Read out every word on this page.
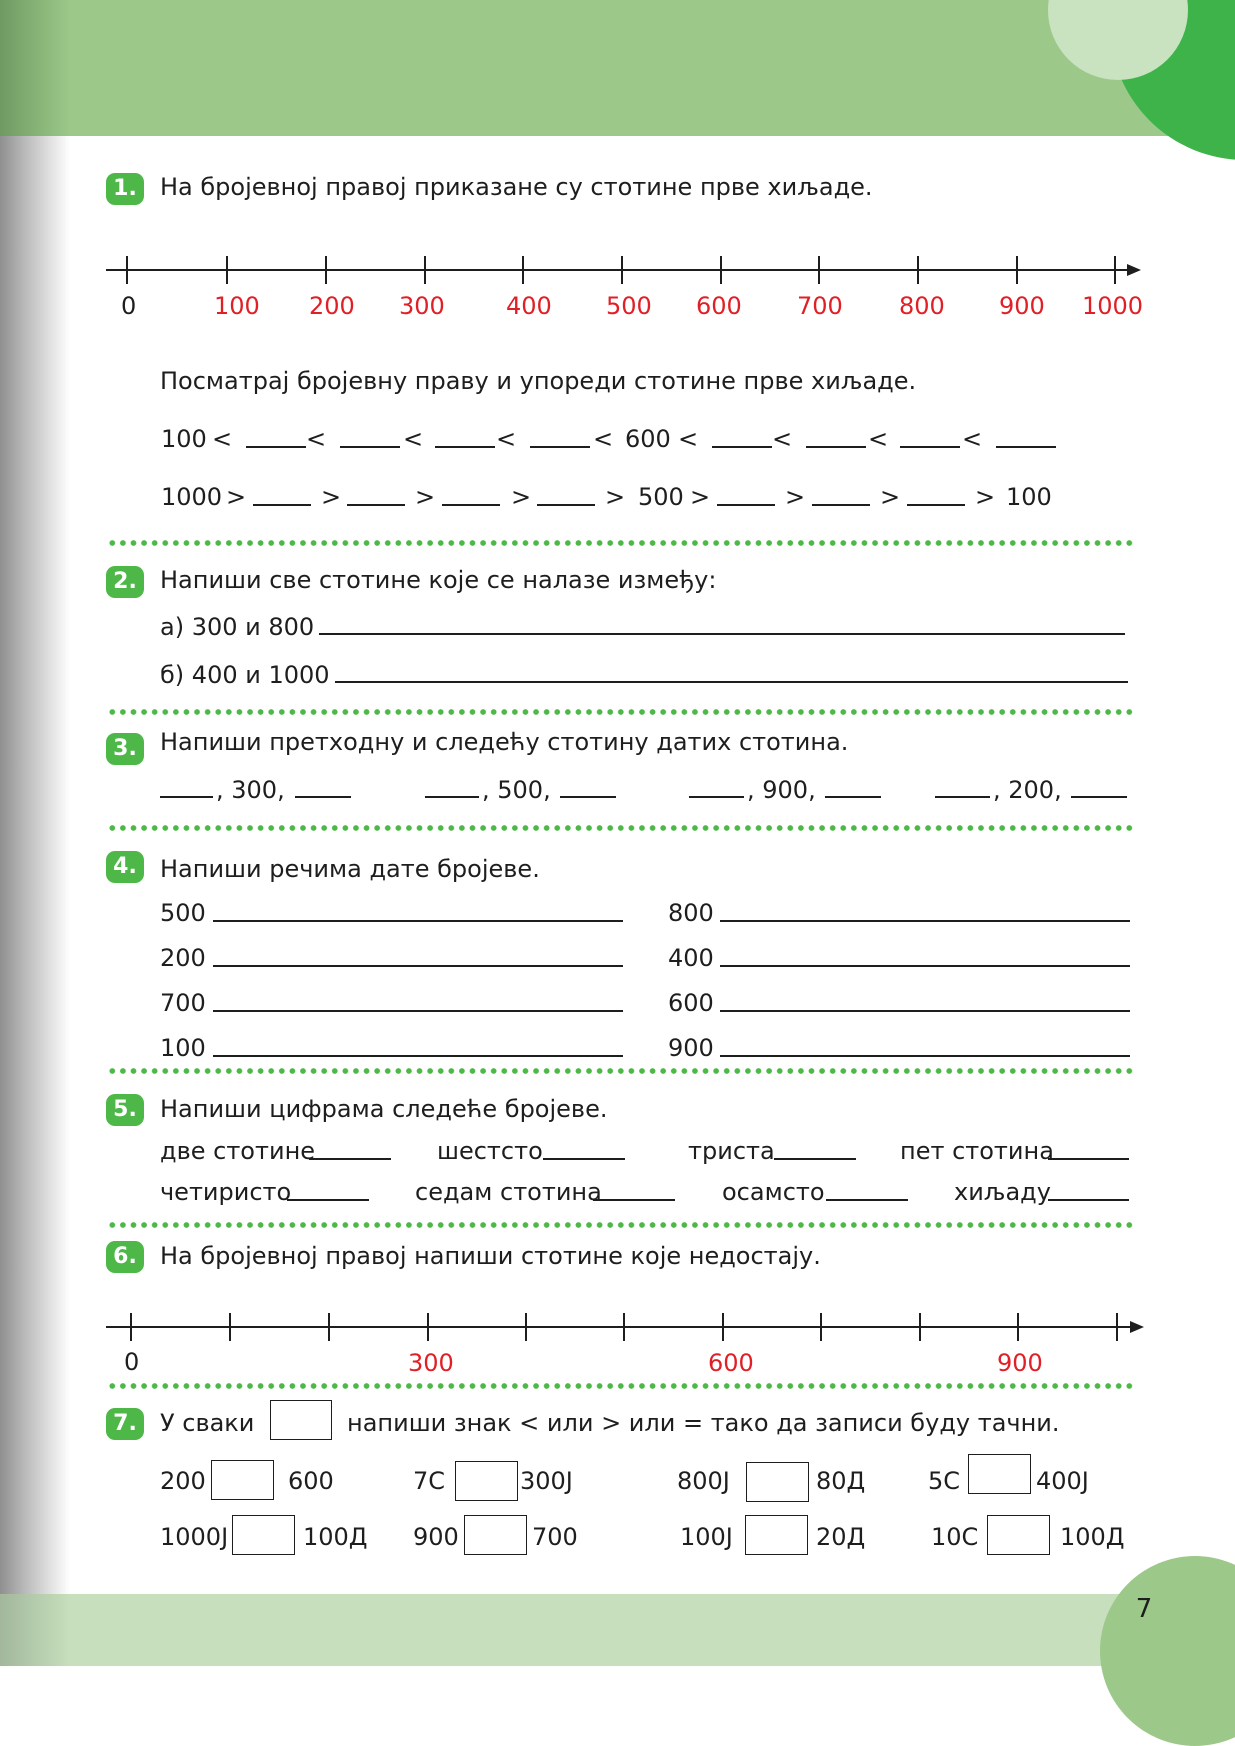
7
1. На бројевној правој приказане су стотине прве хиљаде.
0	100 200 300	400 500 600 700 800 900 1000
Посматрај бројевну праву и упореди стотине прве хиљаде.
100 <	<	<	<	< 600 <	<	<	<
1000 >	>	>	>	> 500 >	>	>	> 100
2. Напиши све стотине које се налазе између:
а) 300 и 800
б) 400 и 1000
3. Напиши претходну и следећу стотину датих стотина.
, 300,	, 500,	, 900,	, 200,
4. Напиши речима дате бројеве.
500
200
700
100
800
400
600
900
5. Напиши цифрама следеће бројеве.
две стотине	шестсто	триста	пет стотина
четиристо	седам стотина	осамсто	хиљаду
6. На бројевној правој напиши стотине које недостају.
0	300	600	900
7. У сваки	напиши знак < или > или = тако да записи буду тачни.
200	600	7С	300Ј	800Ј	80Д	5С	400Ј
1000Ј	100Д 900	700	100Ј	20Д	10С	100Д
